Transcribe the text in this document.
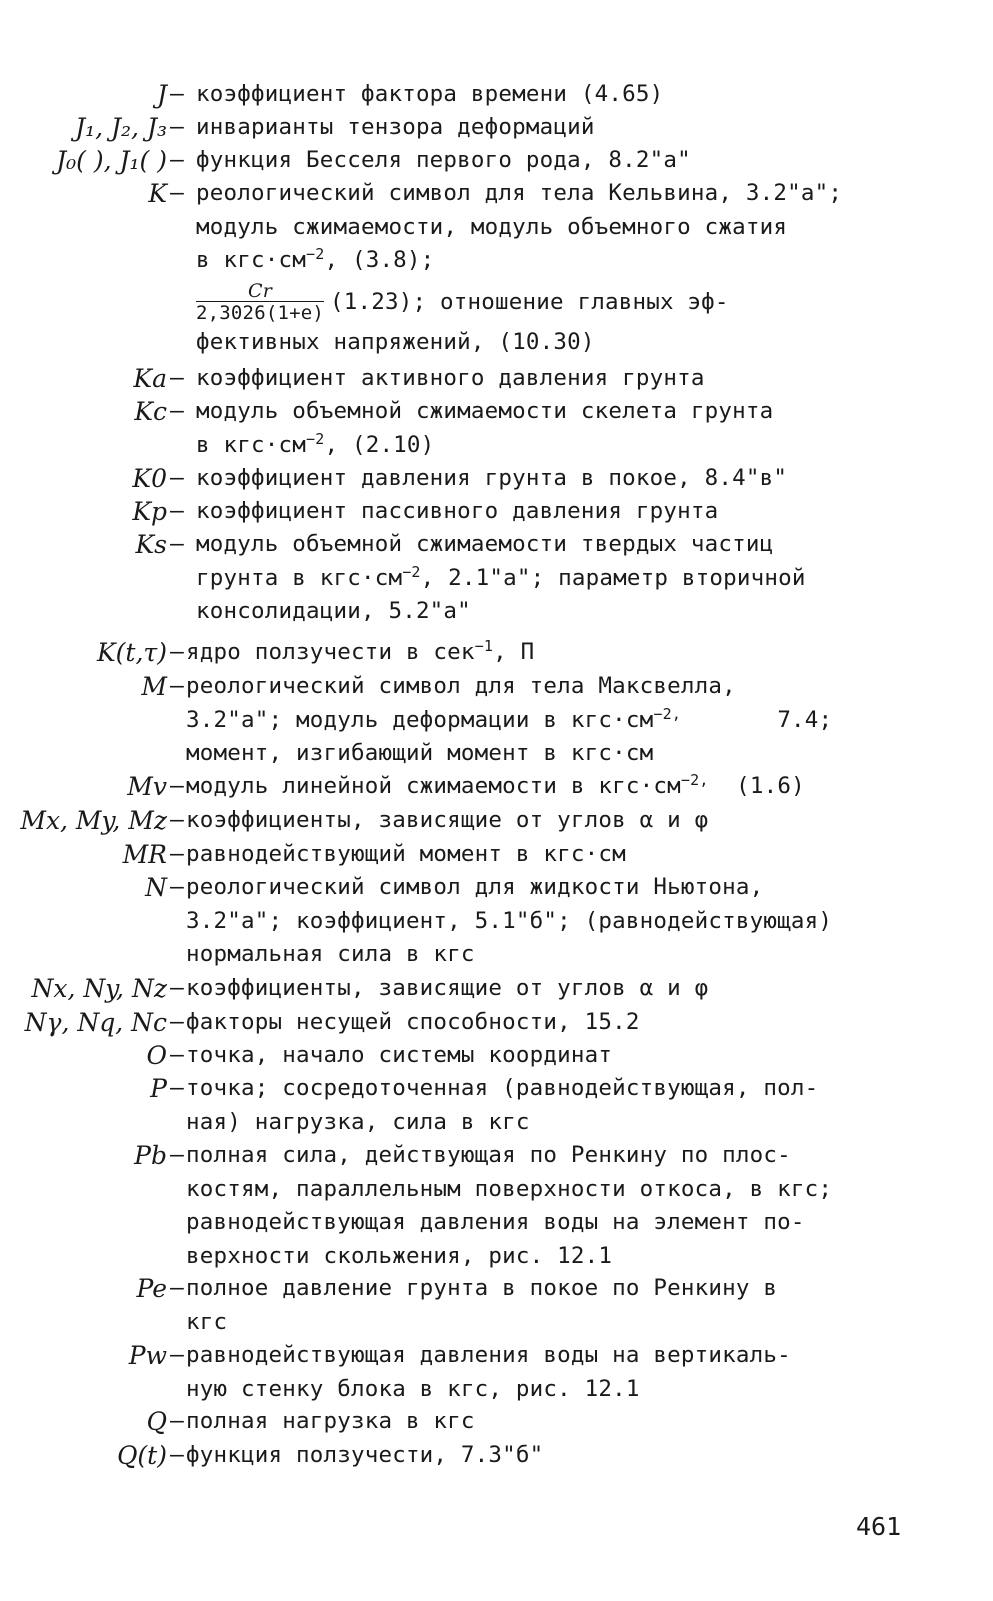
J – коэффициент фактора времени (4.65)
J₁, J₂, J₃ – инварианты тензора деформаций
J₀( ), J₁( ) – функция Бесселя первого рода, 8.2"а"
K – реологический символ для тела Кельвина, 3.2"а";
модуль сжимаемости, модуль объемного сжатия
в $кгс\cdot см^{-2}$, (3.8);
$\frac{Cr}{2,3026(1+e)} (1.23)$; отношение главных эф-
фективных напряжений, (10.30)
Ka – коэффициент активного давления грунта
Kc – модуль объемной сжимаемости скелета грунта
в $кгс\cdot см^{-2}$, (2.10)
K0 – коэффициент давления грунта в покое, 8.4"в"
Kp – коэффициент пассивного давления грунта
Ks – модуль объемной сжимаемости твердых частиц
грунта в $кгс\cdot см^{-2}$, 2.1"а"; параметр вторичной
консолидации, 5.2"а"
K(t,τ) – ядро ползучести в сек$^{-1}$, П
M – реологический символ для тела Максвелла,
3.2"а"; модуль деформации в $кгс\cdot см^{-2,}$	7.4;
момент, изгибающий момент в кгс·см
Mv – модуль линейной сжимаемости в $кгс\cdot см^{-2,}$ (1.6)
Mx, My, Mz – коэффициенты, зависящие от углов α и φ
MR – равнодействующий момент в кгс·см
N – реологический символ для жидкости Ньютона,
3.2"а"; коэффициент, 5.1"б"; (равнодействующая)
нормальная сила в кгс
Nx, Ny, Nz – коэффициенты, зависящие от углов α и φ
Nγ, Nq, Nc – факторы несущей способности, 15.2
O – точка, начало системы координат
P – точка; сосредоточенная (равнодействующая, пол-
ная) нагрузка, сила в кгс
Pb – полная сила, действующая по Ренкину по плос-
костям, параллельным поверхности откоса, в кгс;
равнодействующая давления воды на элемент по-
верхности скольжения, рис. 12.1
Pe – полное давление грунта в покое по Ренкину в
кгс
Pw – равнодействующая давления воды на вертикаль-
ную стенку блока в кгс, рис. 12.1
Q – полная нагрузка в кгс
Q(t) – функция ползучести, 7.3"б"
461
